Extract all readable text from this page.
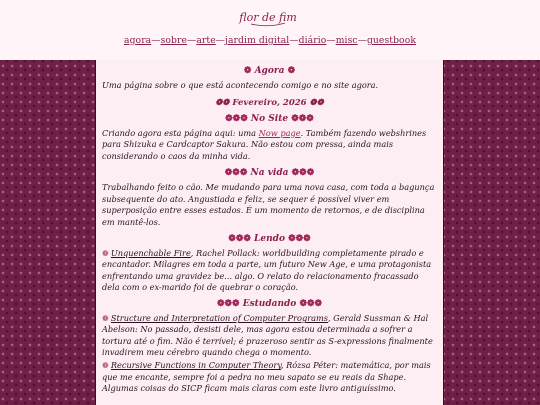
flor de fim
agora—sobre—arte—jardim digital—diário—misc—guestbook
❁ Agora ❁

Uma página sobre o que está acontecendo comigo e no site agora.

❁❁ Fevereiro, 2026 ❁❁
❁❁❁ No Site ❁❁❁

Criando agora esta página aqui: uma Now page. Também fazendo webshrines para Shizuka e Cardcaptor Sakura. Não estou com pressa, ainda mais considerando o caos da minha vida.

❁❁❁ Na vida ❁❁❁

Trabalhando feito o cão. Me mudando para uma nova casa, com toda a bagunça subsequente do ato. Angustiada e feliz, se sequer é possível viver em superposição entre esses estados. É um momento de retornos, e de disciplina em mantê-los.

❁❁❁ Lendo ❁❁❁
❁ Unquenchable Fire, Rachel Pollack: worldbuilding completamente pirado e encantador. Milagres em toda a parte, um futuro New Age, e uma protagonista enfrentando uma gravidez be... algo. O relato do relacionamento fracassado dela com o ex-marido foi de quebrar o coração.
❁❁❁ Estudando ❁❁❁
❁ Structure and Interpretation of Computer Programs, Gerald Sussman & Hal Abelson: No passado, desisti dele, mas agora estou determinada a sofrer a tortura até o fim. Não é terrível; é prazeroso sentir as S-expressions finalmente invadirem meu cérebro quando chega o momento.
❁ Recursive Functions in Computer Theory, Rózsa Péter: matemática, por mais que me encante, sempre foi a pedra no meu sapato se eu reais da Shape. Algumas coisas do SICP ficam mais claras com este livro antiguíssimo.
